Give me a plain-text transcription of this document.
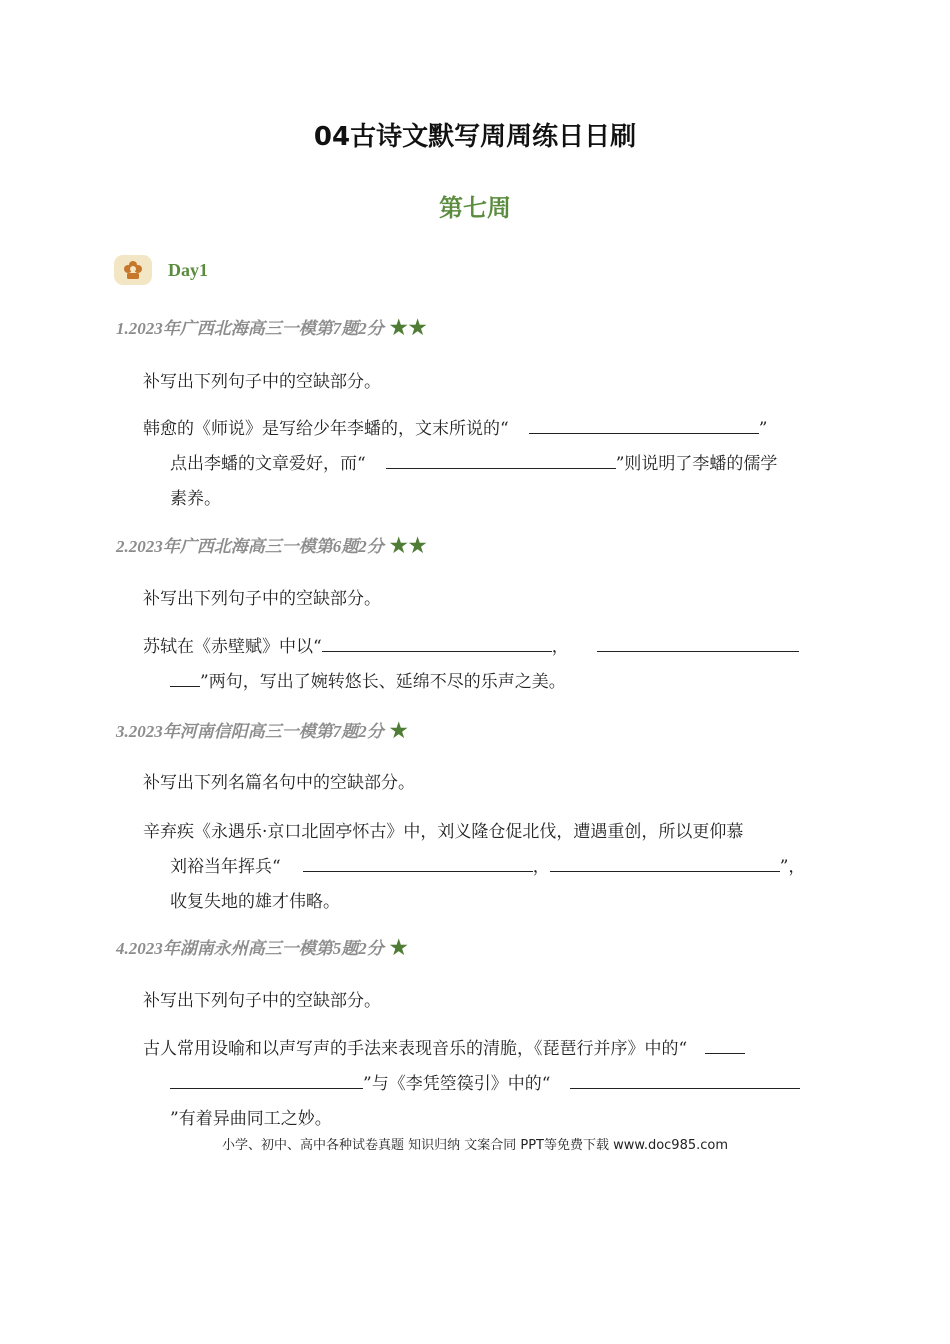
04古诗文默写周周练日日刷
第七周
Day1
1.2023年广西北海高三一模第7题2分 ★★
补写出下列句子中的空缺部分。
韩愈的《师说》是写给少年李蟠的，文末所说的“	”
点出李蟠的文章爱好，而“	”则说明了李蟠的儒学
素养。
2.2023年广西北海高三一模第6题2分 ★★
补写出下列句子中的空缺部分。
苏轼在《赤壁赋》中以“	，
”两句，写出了婉转悠长、延绵不尽的乐声之美。
3.2023年河南信阳高三一模第7题2分 ★
补写出下列名篇名句中的空缺部分。
辛弃疾《永遇乐·京口北固亭怀古》中，刘义隆仓促北伐，遭遇重创，所以更仰慕
刘裕当年挥兵“	，	”，
收复失地的雄才伟略。
4.2023年湖南永州高三一模第5题2分 ★
补写出下列句子中的空缺部分。
古人常用设喻和以声写声的手法来表现音乐的清脆，《琵琶行并序》中的“
”与《李凭箜篌引》中的“
”有着异曲同工之妙。
小学、初中、高中各种试卷真题 知识归纳 文案合同 PPT等免费下载 www.doc985.com
